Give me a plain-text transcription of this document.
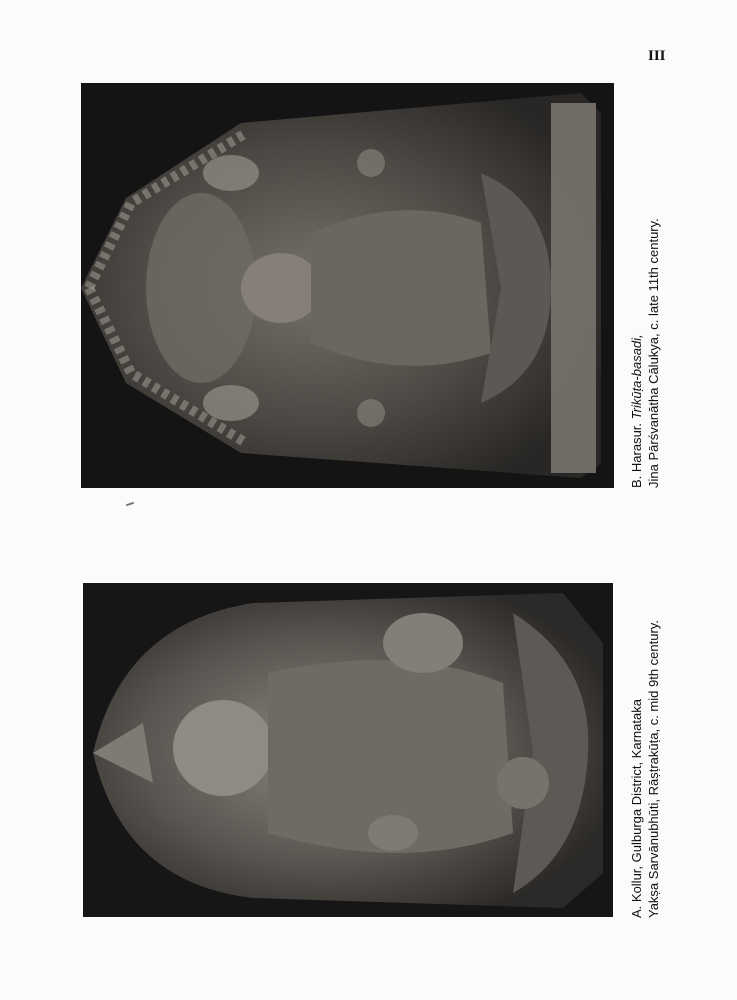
III
B. Harasur. Trikūṭa-basadi, Jina Pārśvanātha Cālukya, c. late 11th century.
A. Kollur, Gulburga District, Karnataka Yakṣa Sarvānubhūti, Rāṣṭrakūṭa, c. mid 9th century.
